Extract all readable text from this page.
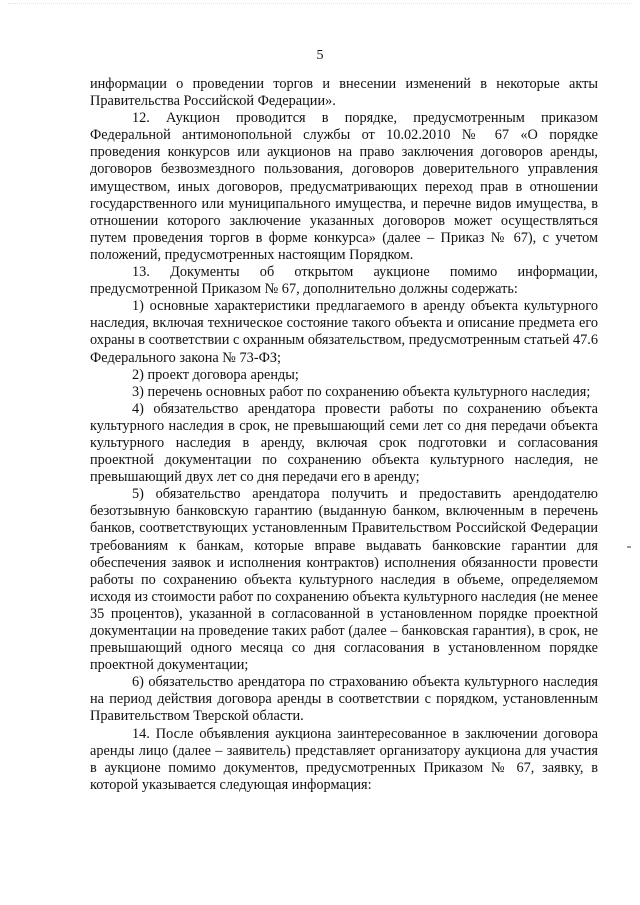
5

информации о проведении торгов и внесении изменений в некоторые акты Правительства Российской Федерации».

12. Аукцион проводится в порядке, предусмотренным приказом Федеральной антимонопольной службы от 10.02.2010 № 67 «О порядке проведения конкурсов или аукционов на право заключения договоров аренды, договоров безвозмездного пользования, договоров доверительного управления имуществом, иных договоров, предусматривающих переход прав в отношении государственного или муниципального имущества, и перечне видов имущества, в отношении которого заключение указанных договоров может осуществляться путем проведения торгов в форме конкурса» (далее – Приказ № 67), с учетом положений, предусмотренных настоящим Порядком.

13. Документы об открытом аукционе помимо информации, предусмотренной Приказом № 67, дополнительно должны содержать:

1) основные характеристики предлагаемого в аренду объекта культурного наследия, включая техническое состояние такого объекта и описание предмета его охраны в соответствии с охранным обязательством, предусмотренным статьей 47.6 Федерального закона № 73-ФЗ;

2) проект договора аренды;

3) перечень основных работ по сохранению объекта культурного наследия;

4) обязательство арендатора провести работы по сохранению объекта культурного наследия в срок, не превышающий семи лет со дня передачи объекта культурного наследия в аренду, включая срок подготовки и согласования проектной документации по сохранению объекта культурного наследия, не превышающий двух лет со дня передачи его в аренду;

5) обязательство арендатора получить и предоставить арендодателю безотзывную банковскую гарантию (выданную банком, включенным в перечень банков, соответствующих установленным Правительством Российской Федерации требованиям к банкам, которые вправе выдавать банковские гарантии для обеспечения заявок и исполнения контрактов) исполнения обязанности провести работы по сохранению объекта культурного наследия в объеме, определяемом исходя из стоимости работ по сохранению объекта культурного наследия (не менее 35 процентов), указанной в согласованной в установленном порядке проектной документации на проведение таких работ (далее – банковская гарантия), в срок, не превышающий одного месяца со дня согласования в установленном порядке проектной документации;

6) обязательство арендатора по страхованию объекта культурного наследия на период действия договора аренды в соответствии с порядком, установленным Правительством Тверской области.

14. После объявления аукциона заинтересованное в заключении договора аренды лицо (далее – заявитель) представляет организатору аукциона для участия в аукционе помимо документов, предусмотренных Приказом № 67, заявку, в которой указывается следующая информация:
